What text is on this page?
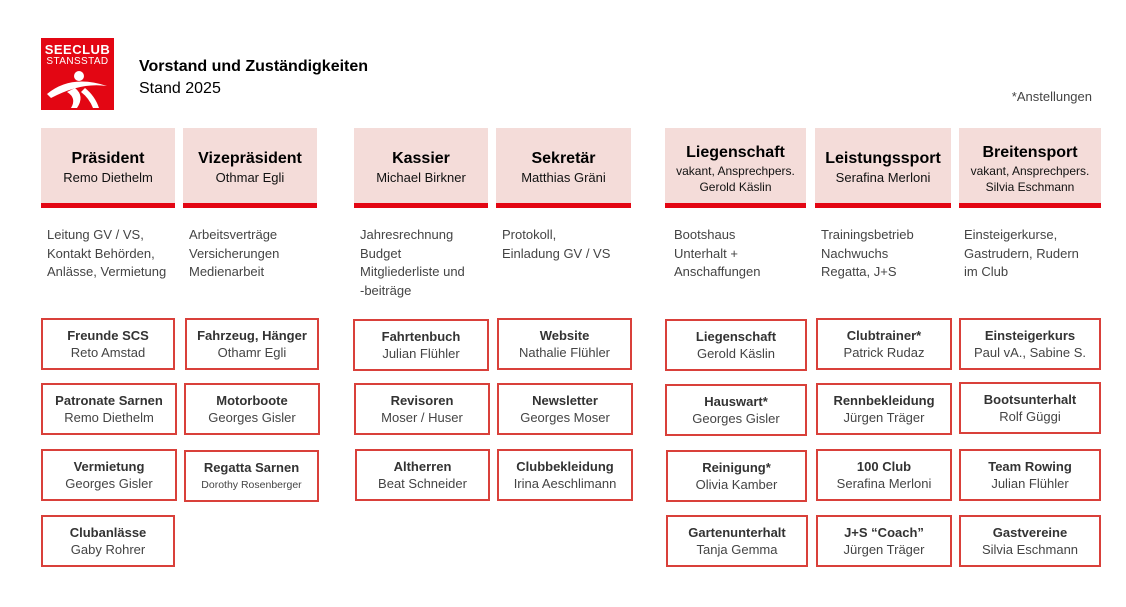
SEECLUB
STANSSTAD	Vorstand und Zuständigkeiten
Stand 2025	*Anstellungen
Präsident
Remo Diethelm
Vizepräsident
Othmar Egli
Kassier
Michael Birkner
Sekretär
Matthias Gräni
Liegenschaft
vakant, Ansprechpers.
Gerold Käslin
Leistungssport
Serafina Merloni
Breitensport
vakant, Ansprechpers.
Silvia Eschmann
Leitung GV / VS,
Kontakt Behörden,
Anlässe, Vermietung
Arbeitsverträge
Versicherungen
Medienarbeit
Jahresrechnung
Budget
Mitgliederliste und
-beiträge
Protokoll,
Einladung GV / VS
Bootshaus
Unterhalt +
Anschaffungen
Trainingsbetrieb
Nachwuchs
Regatta, J+S
Einsteigerkurse,
Gastrudern, Rudern
im Club
Freunde SCS
Reto Amstad
Patronate Sarnen
Remo Diethelm
Vermietung
Georges Gisler
Clubanlässe
Gaby Rohrer
Fahrzeug, Hänger
Othamr Egli
Motorboote
Georges Gisler
Regatta Sarnen
Dorothy Rosenberger
Fahrtenbuch
Julian Flühler
Revisoren
Moser / Huser
Altherren
Beat Schneider
Website
Nathalie Flühler
Newsletter
Georges Moser
Clubbekleidung
Irina Aeschlimann
Liegenschaft
Gerold Käslin
Hauswart*
Georges Gisler
Reinigung*
Olivia Kamber
Gartenunterhalt
Tanja Gemma
Clubtrainer*
Patrick Rudaz
Rennbekleidung
Jürgen Träger
100 Club
Serafina Merloni
J+S “Coach”
Jürgen Träger
Einsteigerkurs
Paul vA., Sabine S.
Bootsunterhalt
Rolf Güggi
Team Rowing
Julian Flühler
Gastvereine
Silvia Eschmann
